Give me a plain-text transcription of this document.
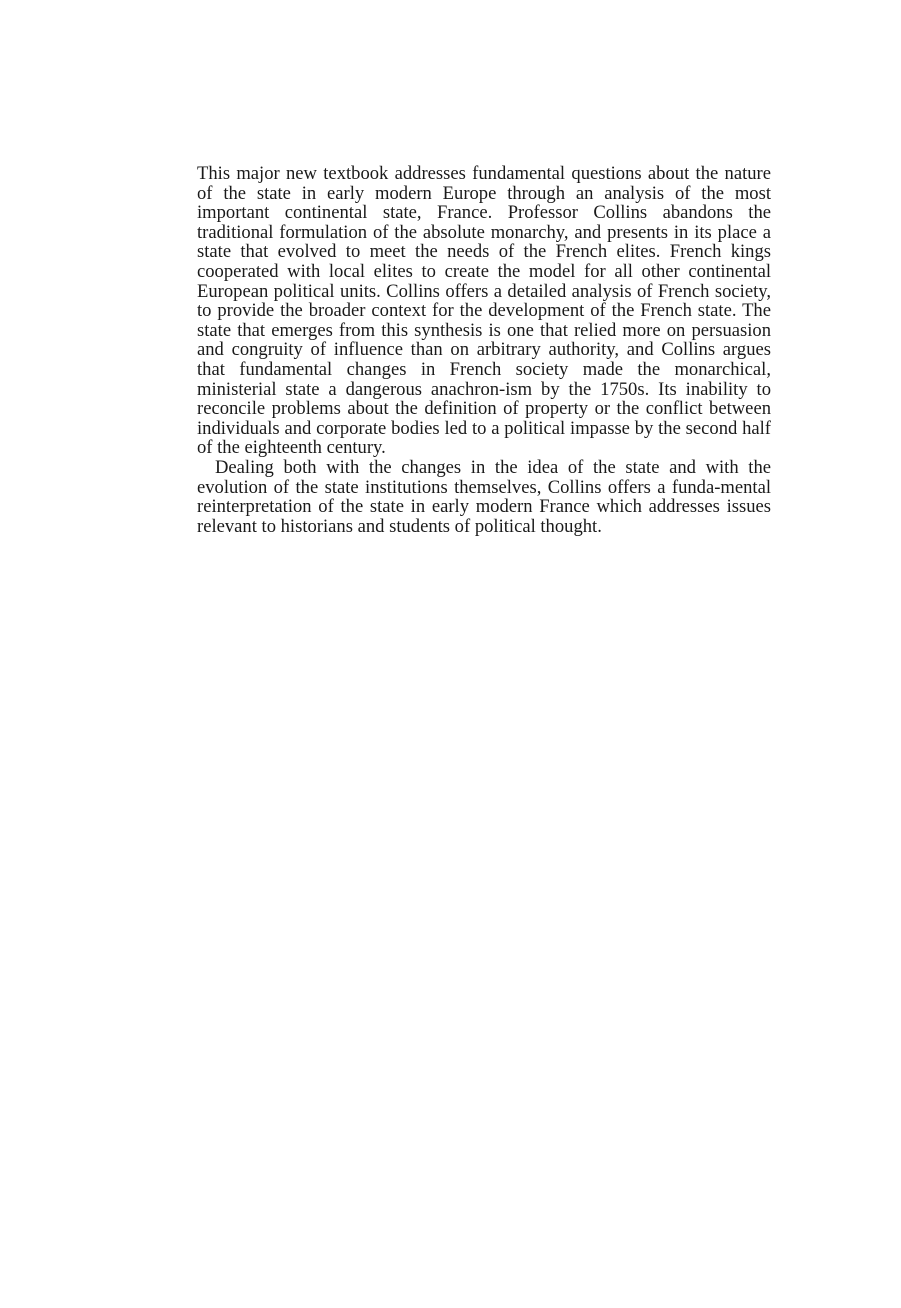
This major new textbook addresses fundamental questions about the nature of the state in early modern Europe through an analysis of the most important continental state, France. Professor Collins abandons the traditional formulation of the absolute monarchy, and presents in its place a state that evolved to meet the needs of the French elites. French kings cooperated with local elites to create the model for all other continental European political units. Collins offers a detailed analysis of French society, to provide the broader context for the development of the French state. The state that emerges from this synthesis is one that relied more on persuasion and congruity of influence than on arbitrary authority, and Collins argues that fundamental changes in French society made the monarchical, ministerial state a dangerous anachron-ism by the 1750s. Its inability to reconcile problems about the definition of property or the conflict between individuals and corporate bodies led to a political impasse by the second half of the eighteenth century.

Dealing both with the changes in the idea of the state and with the evolution of the state institutions themselves, Collins offers a funda-mental reinterpretation of the state in early modern France which addresses issues relevant to historians and students of political thought.
